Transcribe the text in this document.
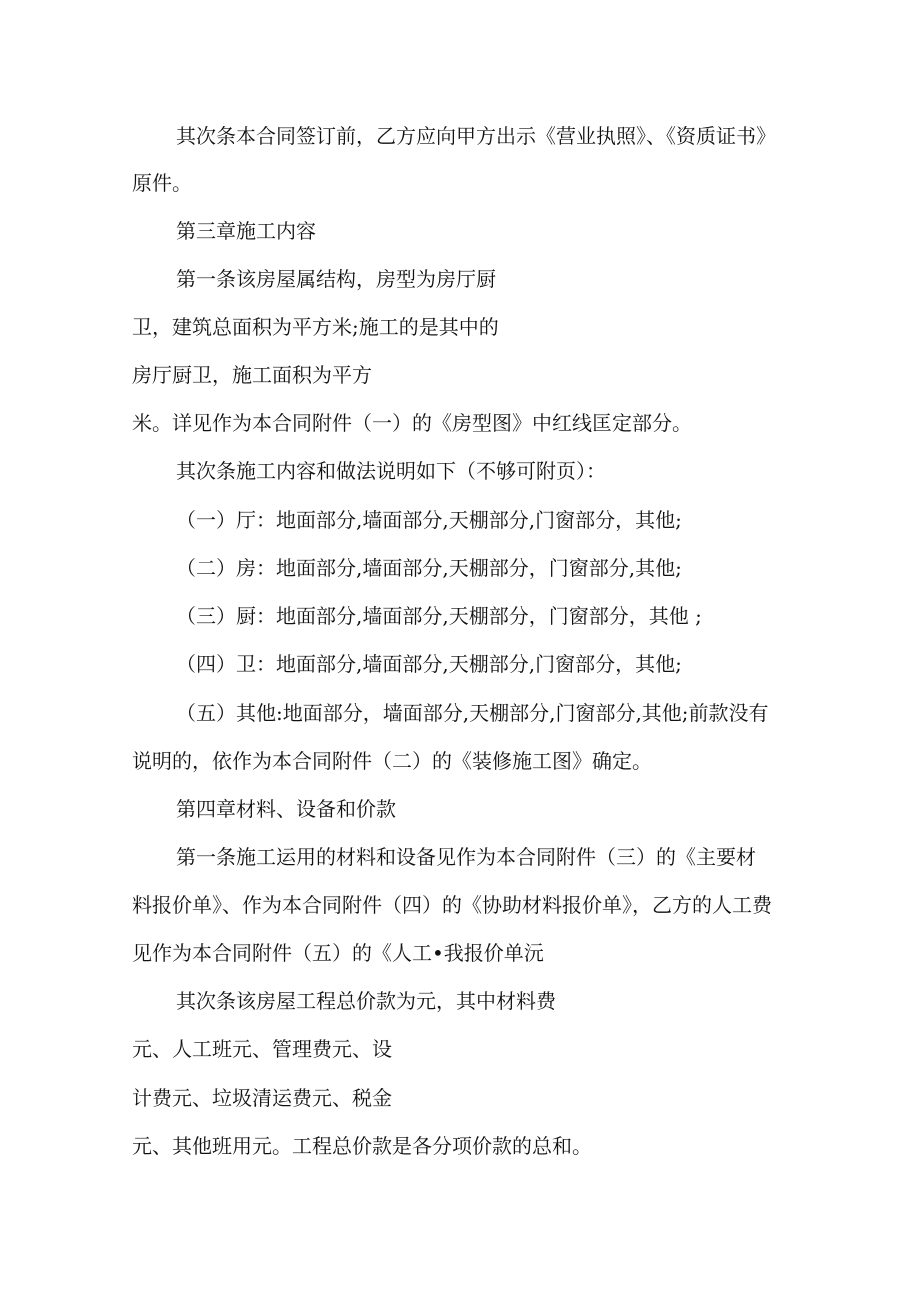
其次条本合同签订前，乙方应向甲方出示《营业执照》、《资质证书》
原件。
第三章施工内容
第一条该房屋属结构，房型为房厅厨
卫，建筑总面积为平方米;施工的是其中的
房厅厨卫，施工面积为平方
米。详见作为本合同附件（一）的《房型图》中红线匡定部分。
其次条施工内容和做法说明如下（不够可附页）：
（一）厅：地面部分,墙面部分,天棚部分,门窗部分，其他;
（二）房：地面部分,墙面部分,天棚部分，门窗部分,其他;
（三）厨：地面部分,墙面部分,天棚部分，门窗部分，其他 ;
（四）卫：地面部分,墙面部分,天棚部分,门窗部分，其他;
（五）其他:地面部分，墙面部分,天棚部分,门窗部分,其他;前款没有
说明的，依作为本合同附件（二）的《装修施工图》确定。
第四章材料、设备和价款
第一条施工运用的材料和设备见作为本合同附件（三）的《主要材
料报价单》、作为本合同附件（四）的《协助材料报价单》，乙方的人工费
见作为本合同附件（五）的《人工•我报价单沅
其次条该房屋工程总价款为元，其中材料费
元、人工班元、管理费元、设
计费元、垃圾清运费元、税金
元、其他班用元。工程总价款是各分项价款的总和。
